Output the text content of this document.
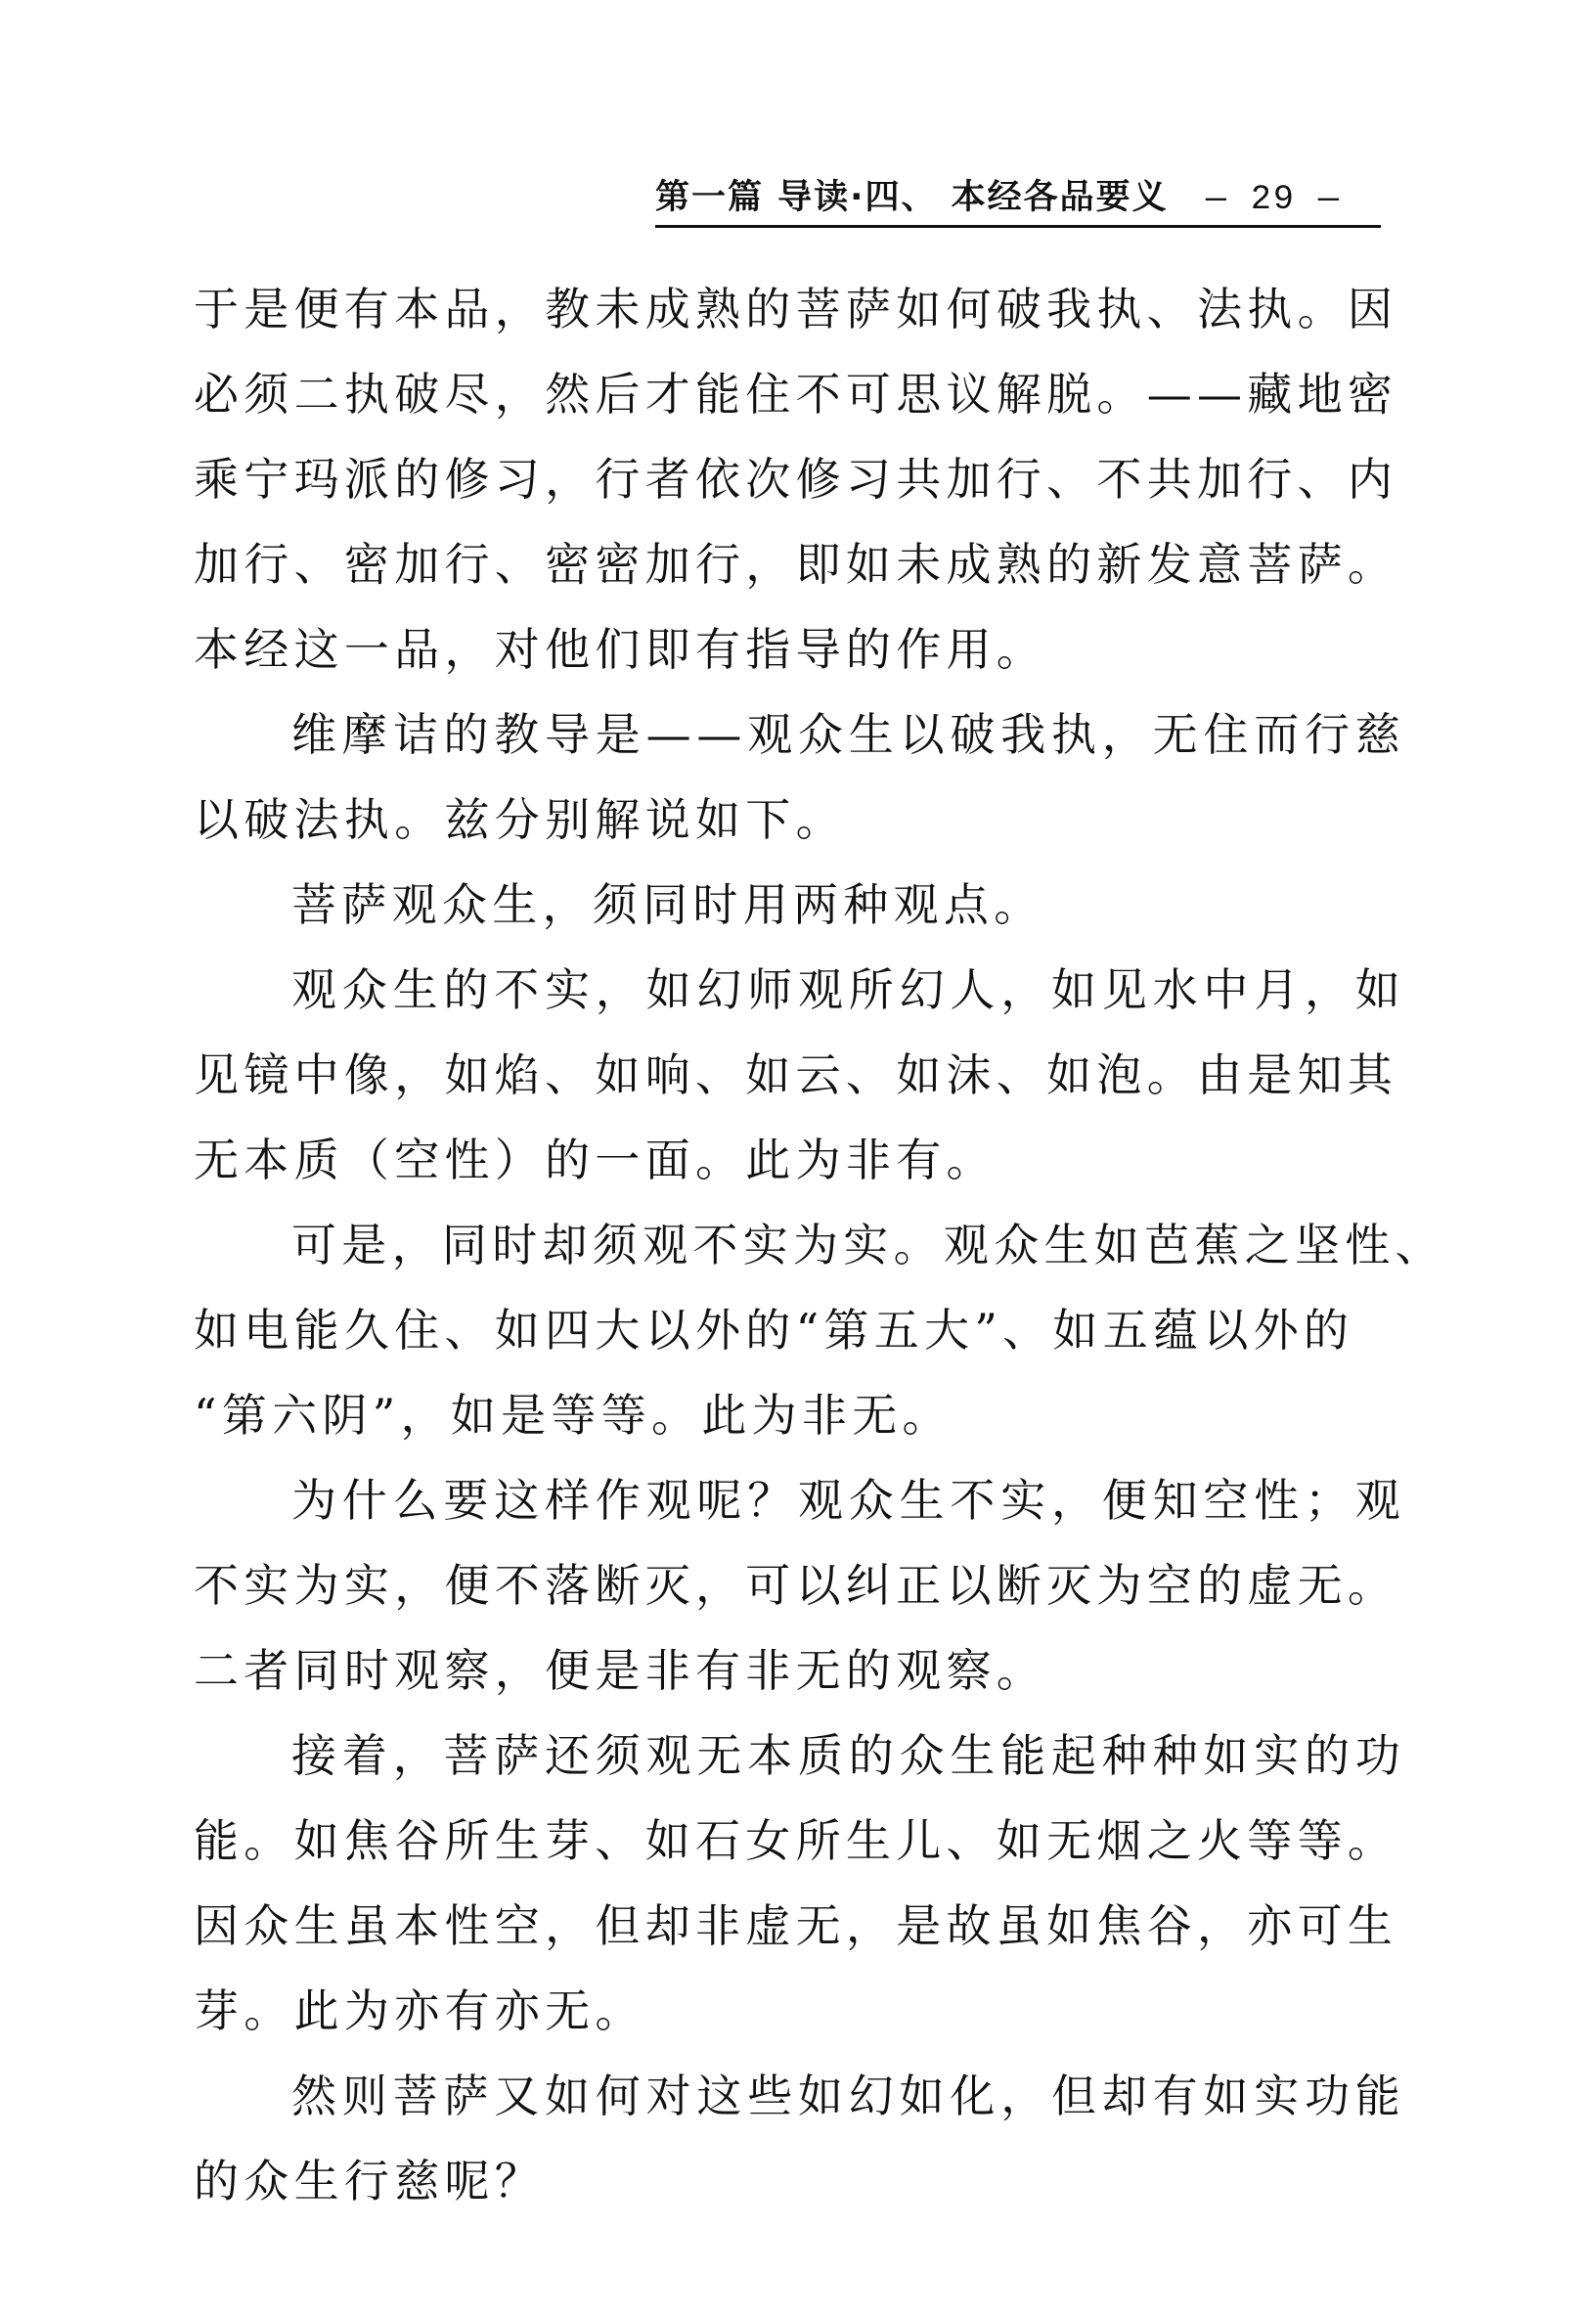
第一篇 导读·四、 本经各品要义 — 29 —
于是便有本品，教未成熟的菩萨如何破我执、法执。因
必须二执破尽，然后才能住不可思议解脱。——藏地密
乘宁玛派的修习，行者依次修习共加行、不共加行、内
加行、密加行、密密加行，即如未成熟的新发意菩萨。
本经这一品，对他们即有指导的作用。
维摩诘的教导是——观众生以破我执，无住而行慈
以破法执。兹分别解说如下。
菩萨观众生，须同时用两种观点。
观众生的不实，如幻师观所幻人，如见水中月，如
见镜中像，如焰、如响、如云、如沫、如泡。由是知其
无本质（空性）的一面。此为非有。
可是，同时却须观不实为实。观众生如芭蕉之坚性、
如电能久住、如四大以外的“第五大”、如五蕴以外的
“第六阴”，如是等等。此为非无。
为什么要这样作观呢？观众生不实，便知空性；观
不实为实，便不落断灭，可以纠正以断灭为空的虚无。
二者同时观察，便是非有非无的观察。
接着，菩萨还须观无本质的众生能起种种如实的功
能。如焦谷所生芽、如石女所生儿、如无烟之火等等。
因众生虽本性空，但却非虚无，是故虽如焦谷，亦可生
芽。此为亦有亦无。
然则菩萨又如何对这些如幻如化，但却有如实功能
的众生行慈呢？
